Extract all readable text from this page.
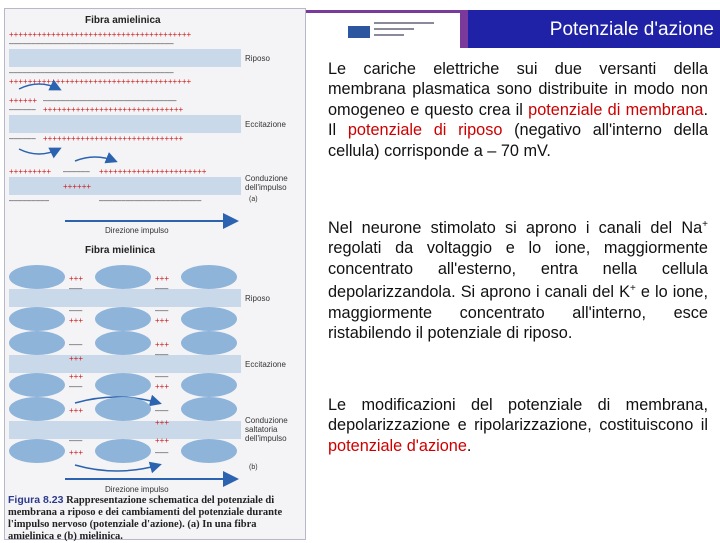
Potenziale d'azione
Fibra amielinica
+++++++++++++++++++++++++++++++++++++++
–––––––––––––––––––––––––––––––––––––
–––––––––––––––––––––––––––––––––––––
+++++++++++++++++++++++++++++++++++++++
Riposo
++++++ ––––––––––––––––––––––––––––––
–––––– ++++++++++++++++++++++++++++++
–––––– ++++++++++++++++++++++++++++++
Eccitazione
+++++++++ –––––– +++++++++++++++++++++++
++++++
–––––––––	–––––––––––––––––––––––
Conduzione dell'impulso
(a)
Direzione impulso
Fibra mielinica
+++	+++
–––	–––
–––	–––
+++	+++
Riposo
–––	+++
+++	–––
+++	–––
–––	+++
Eccitazione
+++	–––
+++
–––	+++
+++	–––
Conduzione saltatoria dell'impulso
(b)
Direzione impulso
Figura 8.23 Rappresentazione schematica del potenziale di membrana a riposo e dei cambiamenti del potenziale durante l'impulso nervoso (potenziale d'azione). (a) In una fibra amielinica e (b) mielinica.
Le cariche elettriche sui due versanti della membrana plasmatica sono distribuite in modo non omogeneo e questo crea il potenziale di membrana. Il potenziale di riposo (negativo all'interno della cellula) corrisponde a – 70 mV.
Nel neurone stimolato si aprono i canali del Na+ regolati da voltaggio e lo ione, maggiormente concentrato all'esterno, entra nella cellula depolarizzandola. Si aprono i canali del K+ e lo ione, maggiormente concentrato all'interno, esce ristabilendo il potenziale di riposo.
Le modificazioni del potenziale di membrana, depolarizzazione e ripolarizzazione, costituiscono il potenziale d'azione.
